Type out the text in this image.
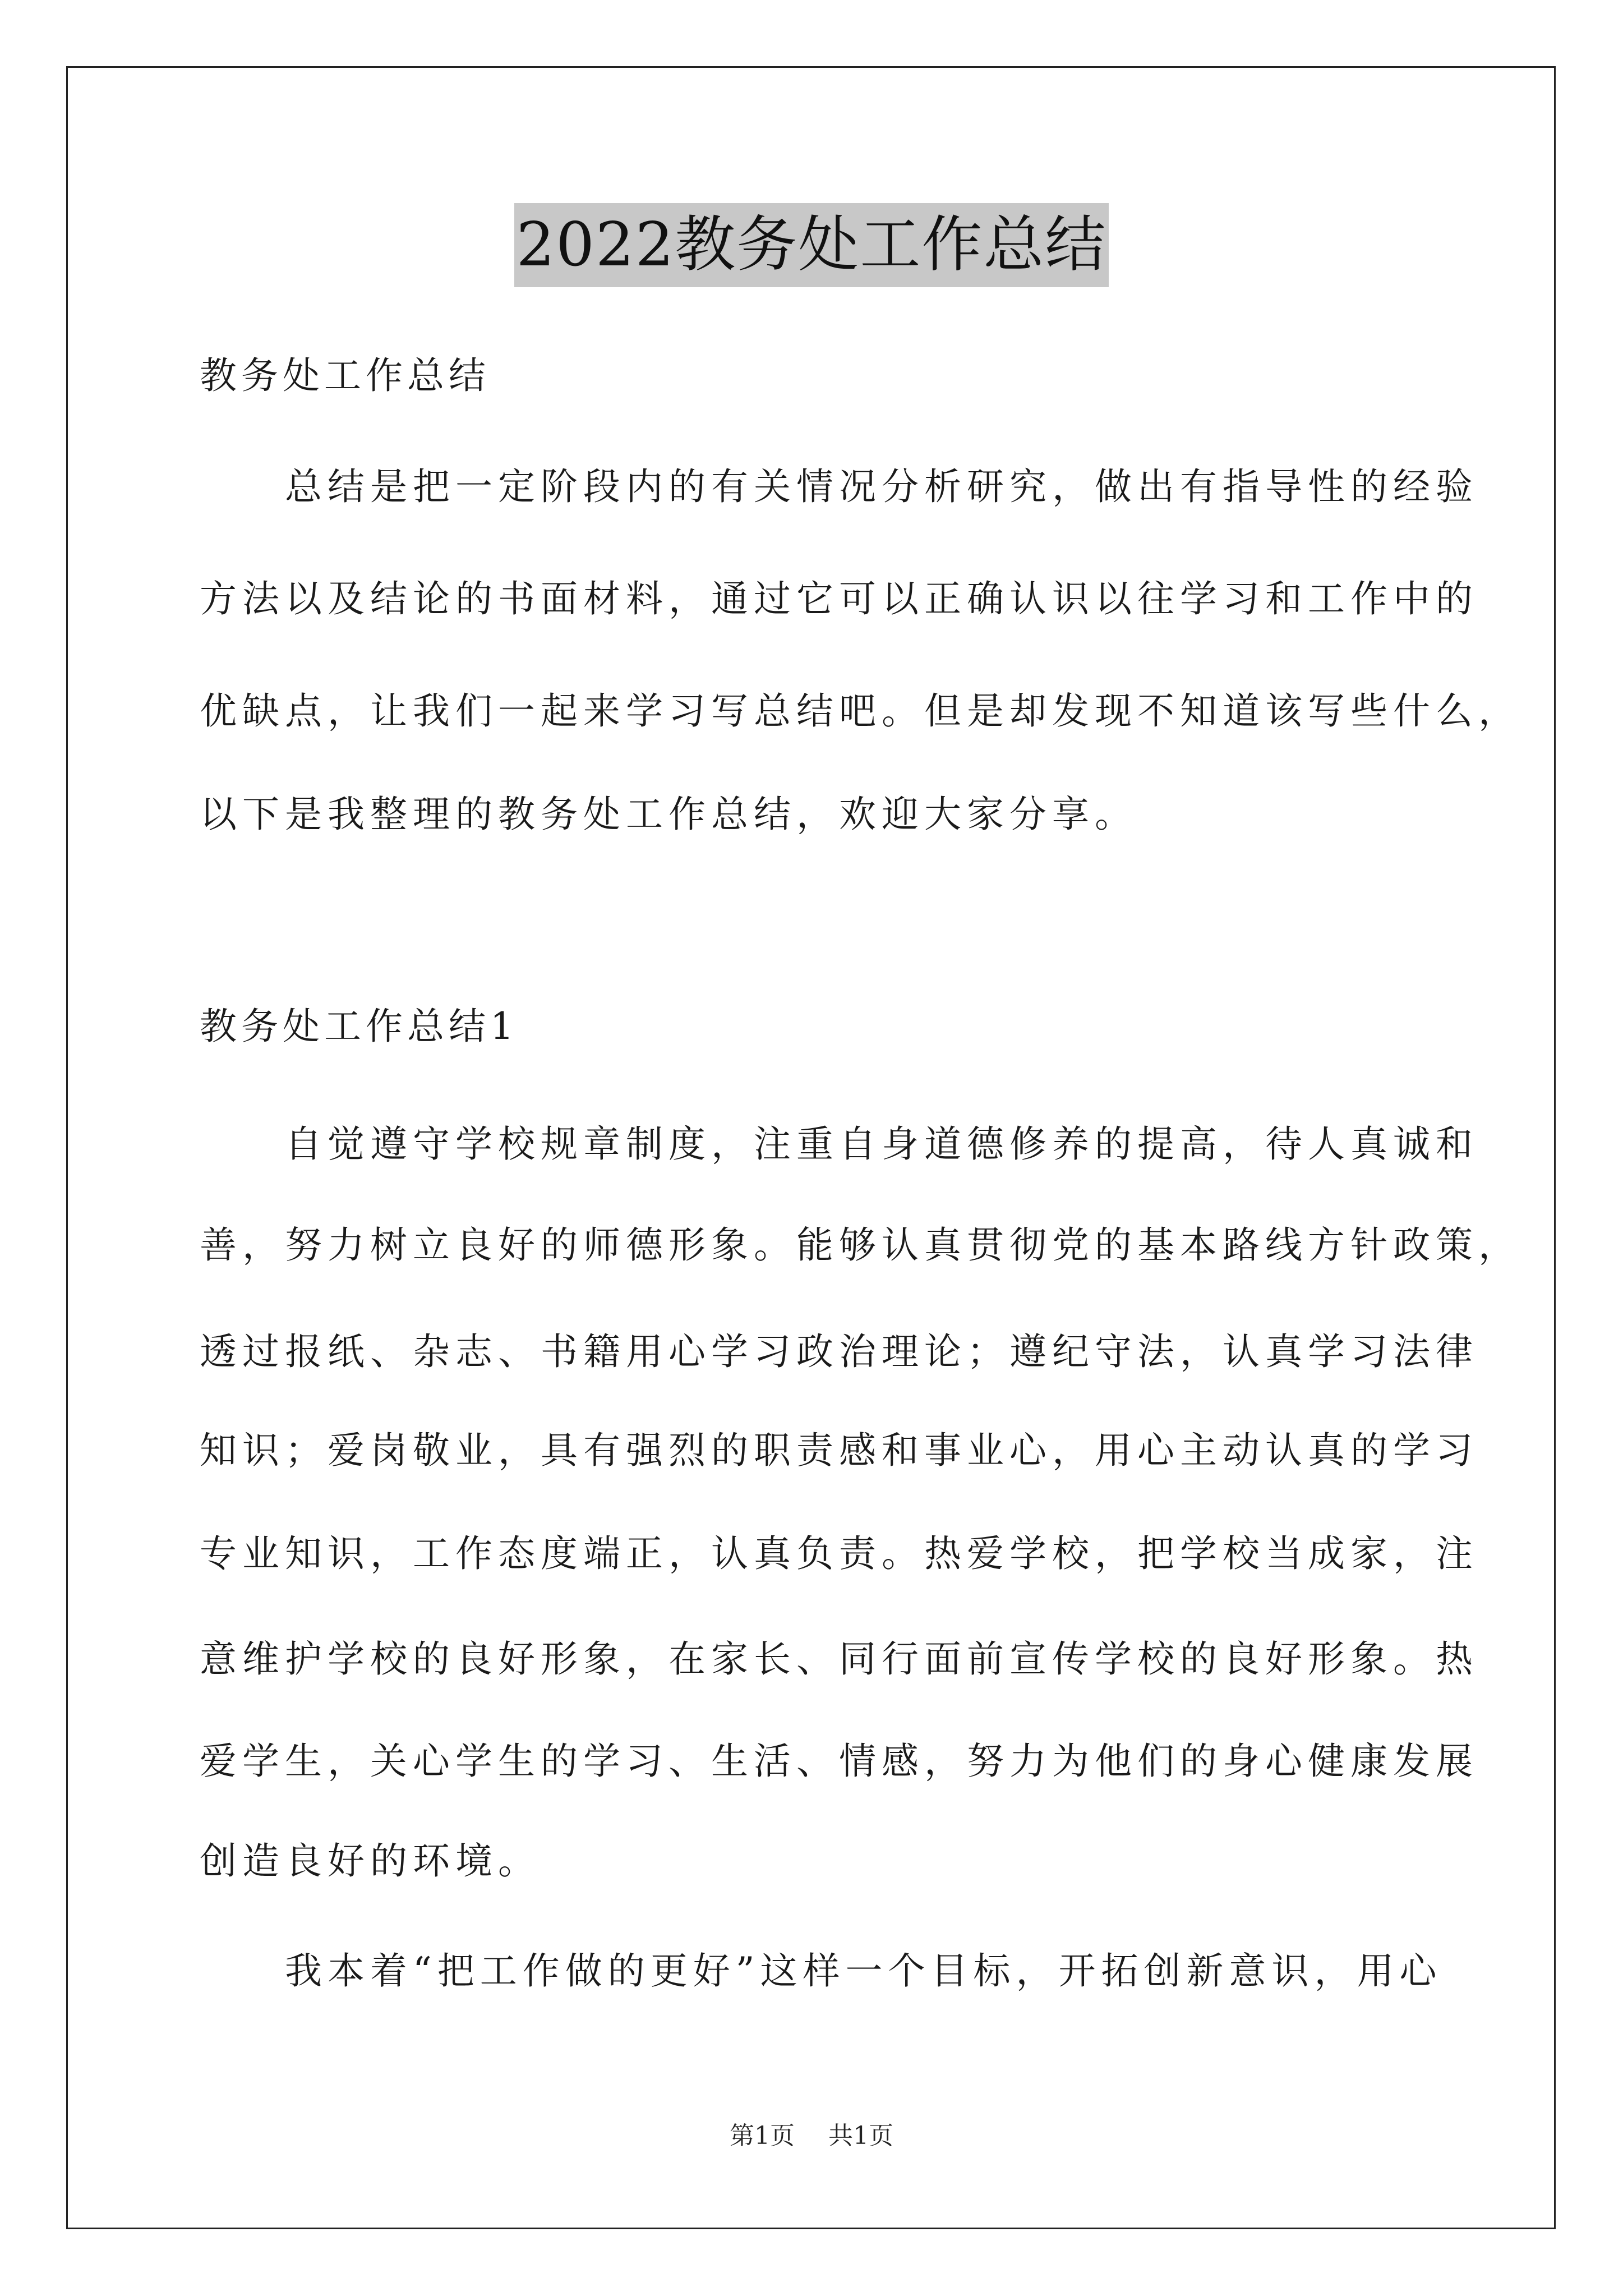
2022教务处工作总结

教务处工作总结

　　总结是把一定阶段内的有关情况分析研究，做出有指导性的经验

方法以及结论的书面材料，通过它可以正确认识以往学习和工作中的

优缺点，让我们一起来学习写总结吧。但是却发现不知道该写些什么，

以下是我整理的教务处工作总结，欢迎大家分享。

教务处工作总结1

　　自觉遵守学校规章制度，注重自身道德修养的提高，待人真诚和

善，努力树立良好的师德形象。能够认真贯彻党的基本路线方针政策，

透过报纸、杂志、书籍用心学习政治理论；遵纪守法，认真学习法律

知识；爱岗敬业，具有强烈的职责感和事业心，用心主动认真的学习

专业知识，工作态度端正，认真负责。热爱学校，把学校当成家，注

意维护学校的良好形象，在家长、同行面前宣传学校的良好形象。热

爱学生，关心学生的学习、生活、情感，努力为他们的身心健康发展

创造良好的环境。

　　我本着“把工作做的更好”这样一个目标，开拓创新意识，用心

第1页 共1页
